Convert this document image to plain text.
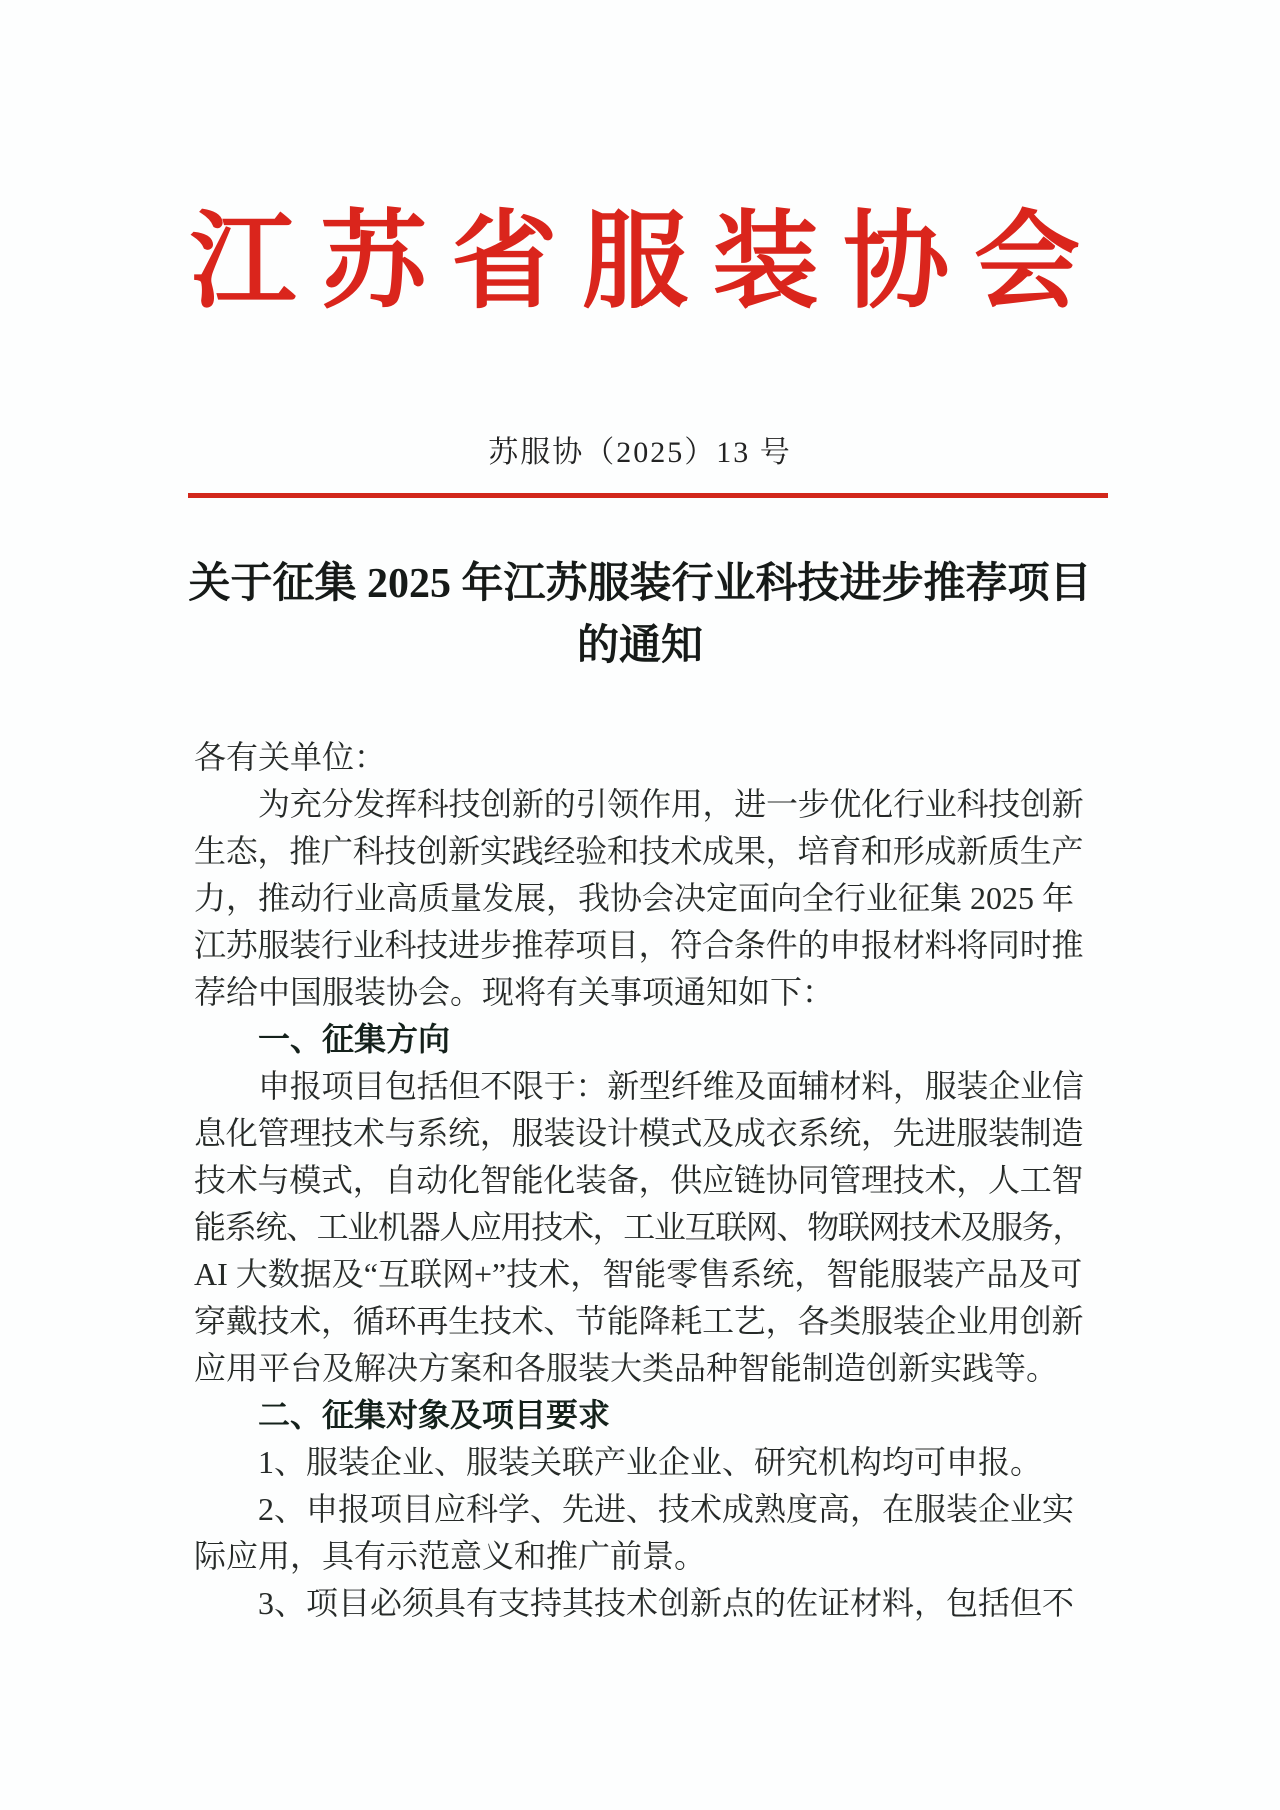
江 苏 省 服 装 协 会
苏服协（2025）13 号
关于征集 2025 年江苏服装行业科技进步推荐项目
的通知
各有关单位：
为充分发挥科技创新的引领作用，进一步优化行业科技创新
生态，推广科技创新实践经验和技术成果，培育和形成新质生产
力，推动行业高质量发展，我协会决定面向全行业征集 2025 年
江苏服装行业科技进步推荐项目，符合条件的申报材料将同时推
荐给中国服装协会。现将有关事项通知如下：
一、征集方向
申报项目包括但不限于：新型纤维及面辅材料，服装企业信
息化管理技术与系统，服装设计模式及成衣系统，先进服装制造
技术与模式，自动化智能化装备，供应链协同管理技术，人工智
能系统、工业机器人应用技术，工业互联网、物联网技术及服务，
AI 大数据及“互联网+”技术，智能零售系统，智能服装产品及可
穿戴技术，循环再生技术、节能降耗工艺，各类服装企业用创新
应用平台及解决方案和各服装大类品种智能制造创新实践等。
二、征集对象及项目要求
1、服装企业、服装关联产业企业、研究机构均可申报。
2、申报项目应科学、先进、技术成熟度高，在服装企业实
际应用，具有示范意义和推广前景。
3、项目必须具有支持其技术创新点的佐证材料，包括但不
